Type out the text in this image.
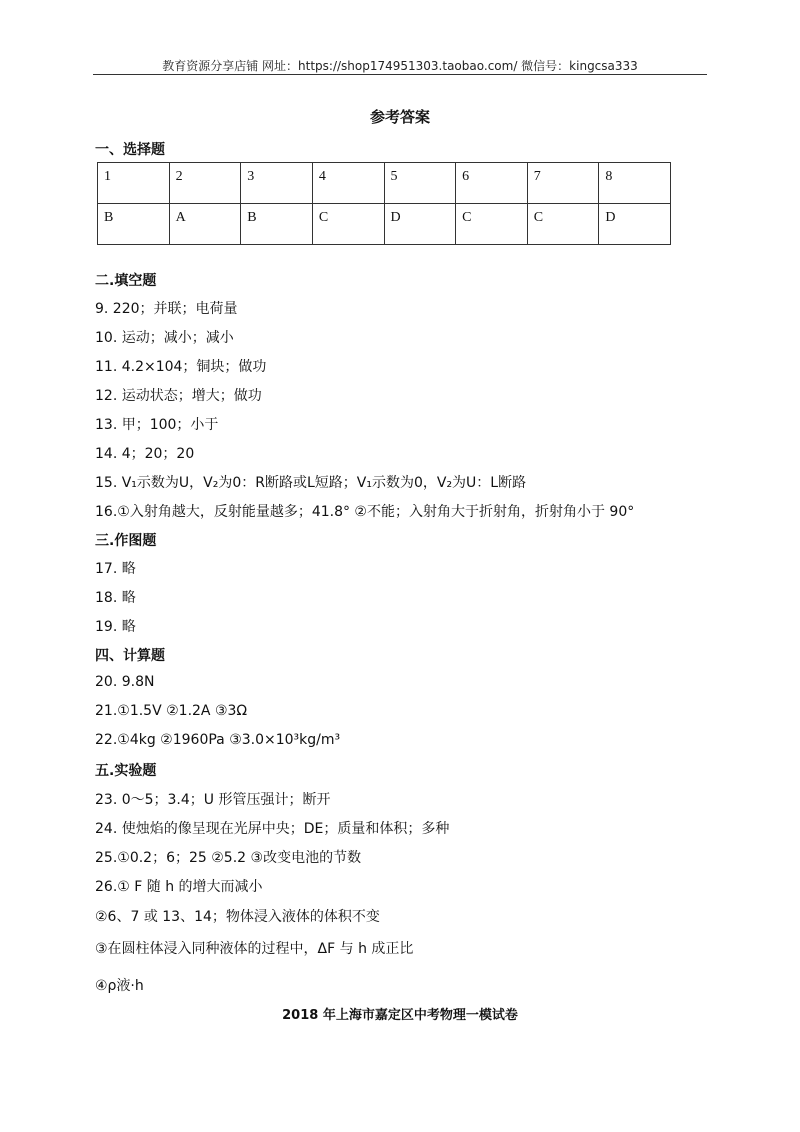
教育资源分享店铺 网址：https://shop174951303.taobao.com/ 微信号：kingcsa333
参考答案
一、选择题
1	2	3	4	5	6	7	8
B	A	B	C	D	C	C	D
二.填空题
9. 220；并联；电荷量
10. 运动；减小；减小
11. 4.2×104；铜块；做功
12. 运动状态；增大；做功
13. 甲；100；小于
14. 4；20；20
15. V₁示数为U，V₂为0：R断路或L短路；V₁示数为0，V₂为U：L断路
16.①入射角越大，反射能量越多；41.8° ②不能；入射角大于折射角，折射角小于 90°
三.作图题
17. 略
18. 略
19. 略
四、计算题
20. 9.8N
21.①1.5V ②1.2A ③3Ω
22.①4kg ②1960Pa ③3.0×10³kg/m³
五.实验题
23. 0～5；3.4；U 形管压强计；断开
24. 使烛焰的像呈现在光屏中央；DE；质量和体积；多种
25.①0.2；6；25 ②5.2 ③改变电池的节数
26.① F 随 h 的增大而减小
②6、7 或 13、14；物体浸入液体的体积不变
③在圆柱体浸入同种液体的过程中，ΔF 与 h 成正比
④ρ液·h
2018 年上海市嘉定区中考物理一模试卷
